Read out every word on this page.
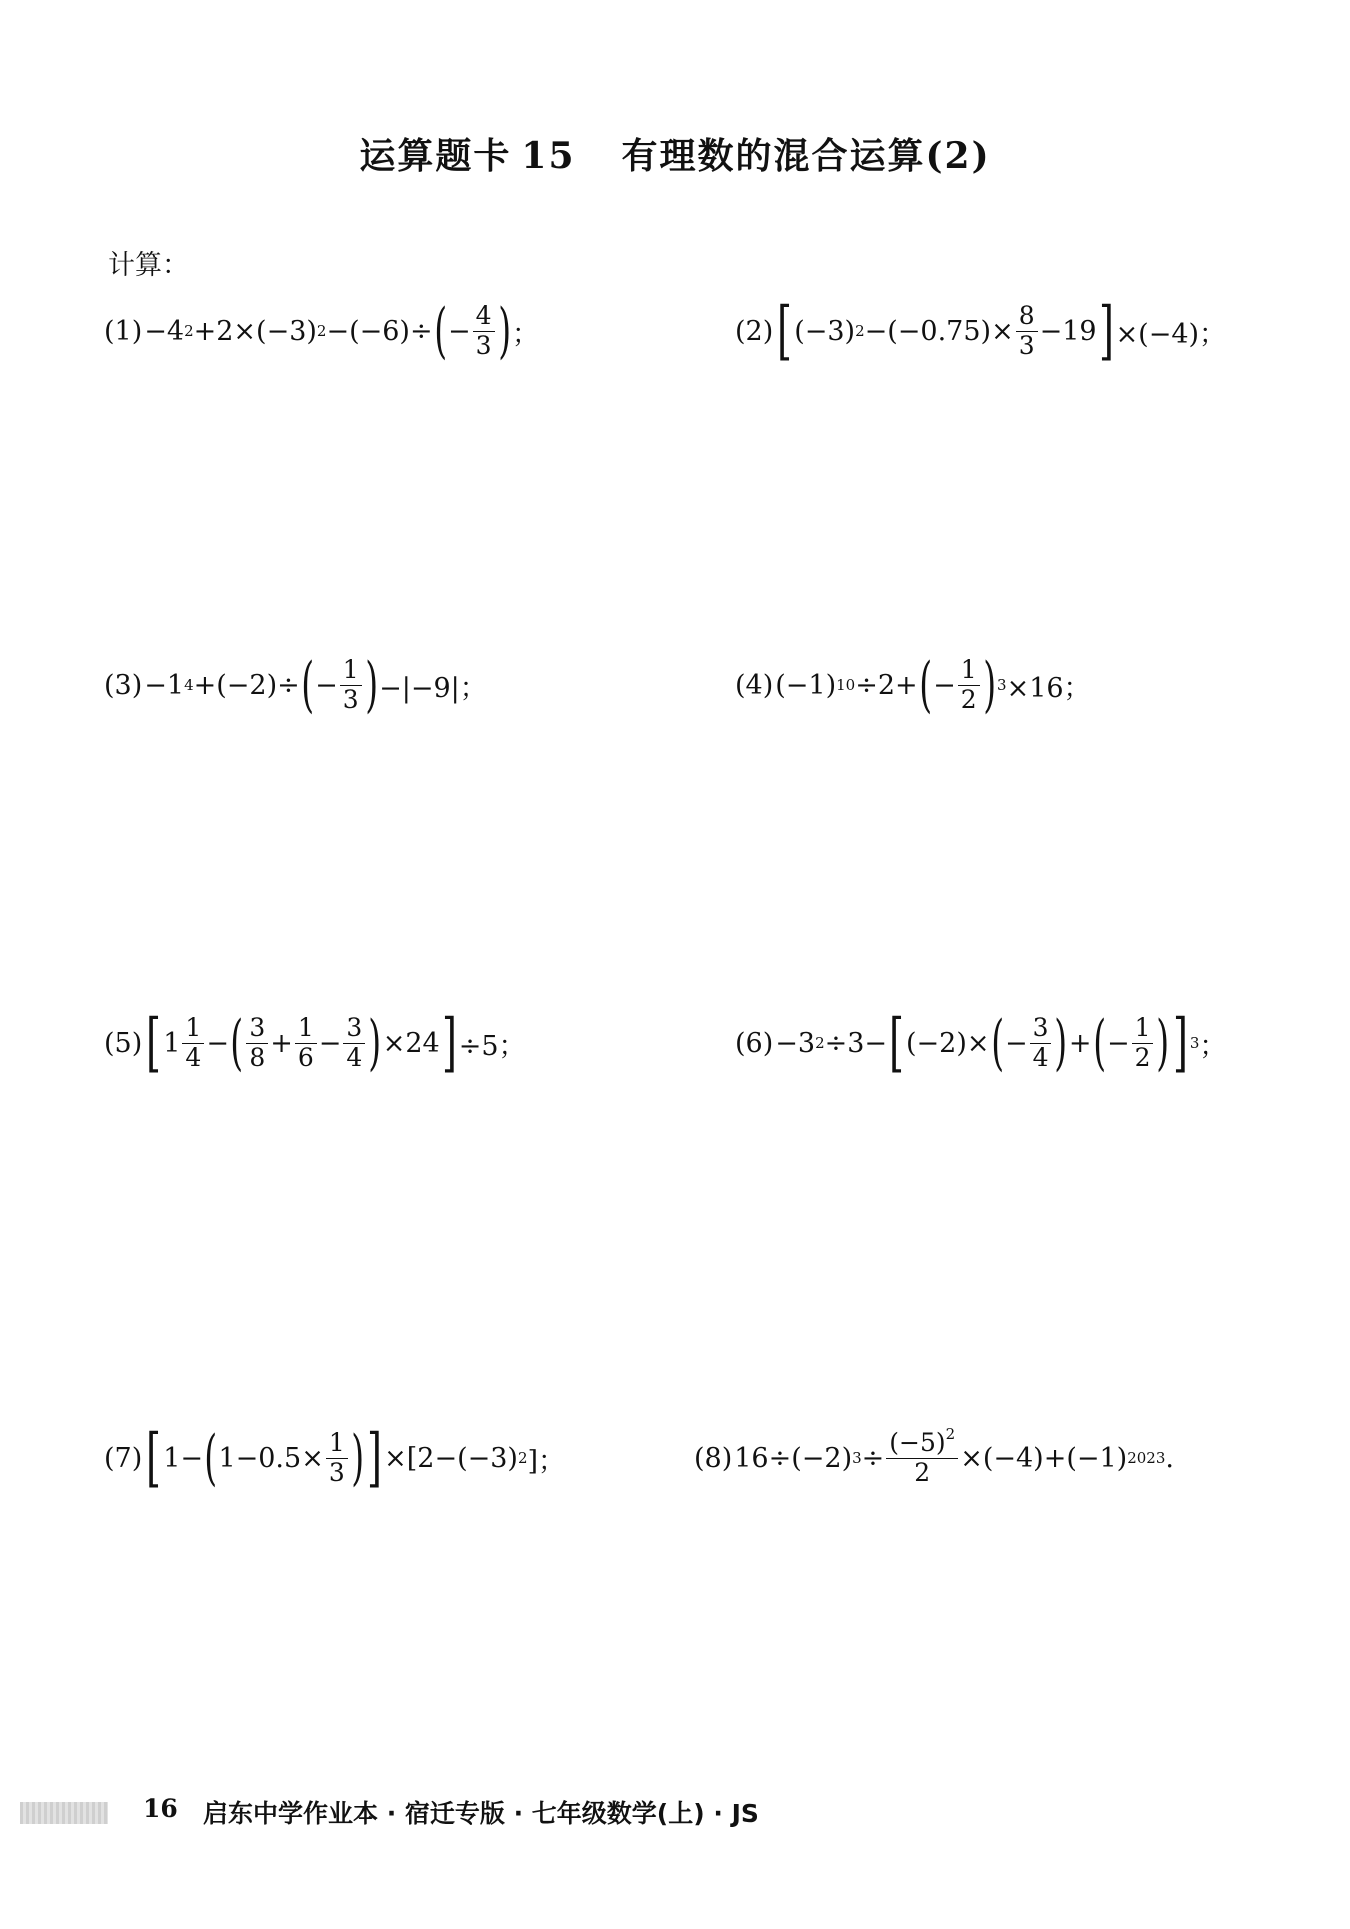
运算题卡 15 有理数的混合运算(2)
计算：
(1) −4 2 +2×(−3) 2 −(−6)÷ ( − $\frac{4}{3}$ ) ；	(2) [ (−3) $2 -(-0.75)\times \frac{8}{3} -19$ ] ×(−4)；
(3) −1 4 +(−2)÷ ( − $\frac{1}{3}$ ) −|−9|；	(4) (−1) 10 ÷2+ ( − $\frac{1}{2}$ ) 3 ×16；
(5) [ $1 \frac{1}{4}$ − ( $\frac{3}{8} + \frac{1}{6} - \frac{3}{4}$ ) ×24 ] ÷5；	(6) −3 2 ÷3− [ (−2)× ( − $\frac{3}{4}$ ) + ( − $\frac{1}{2}$ ) ] 3 ；
(7) [ 1− ( $1-0.5\times \frac{1}{3}$ ) ] ×[2−(−3) 2 ]；	(8) 16÷(−2) $3 \div \frac{(-5)^2}{2} \times(-4)+(-1)$ 2023 .
16 启东中学作业本 · 宿迁专版 · 七年级数学(上) · JS
